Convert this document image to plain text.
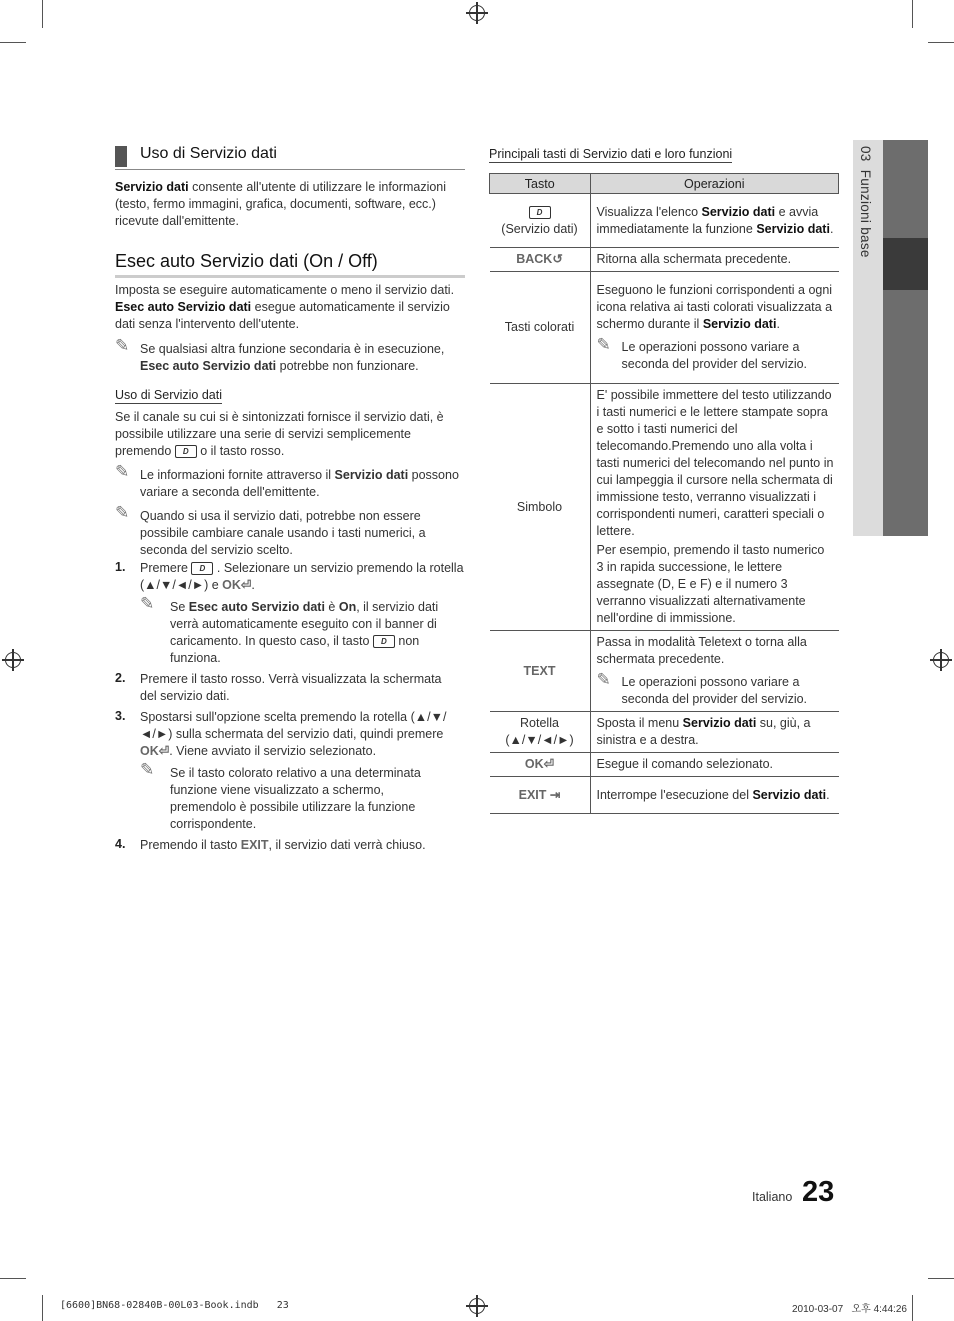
03  Funzioni base
Uso di Servizio dati
Servizio dati consente all'utente di utilizzare le informazioni (testo, fermo immagini, grafica, documenti, software, ecc.) ricevute dall'emittente.
Esec auto Servizio dati (On / Off)
Imposta se eseguire automaticamente o meno il servizio dati. Esec auto Servizio dati esegue automaticamente il servizio dati senza l'intervento dell'utente.
✎ Se qualsiasi altra funzione secondaria è in esecuzione, Esec auto Servizio dati potrebbe non funzionare.
Uso di Servizio dati
Se il canale su cui si è sintonizzati fornisce il servizio dati, è possibile utilizzare una serie di servizi semplicemente premendo D o il tasto rosso.
✎ Le informazioni fornite attraverso il Servizio dati possono variare a seconda dell'emittente.
✎ Quando si usa il servizio dati, potrebbe non essere possibile cambiare canale usando i tasti numerici, a seconda del servizio scelto.
1. Premere D . Selezionare un servizio premendo la rotella (▲/▼/◄/►) e OK⏎.
✎ Se Esec auto Servizio dati è On, il servizio dati verrà automaticamente eseguito con il banner di caricamento. In questo caso, il tasto D non funziona.
2. Premere il tasto rosso. Verrà visualizzata la schermata del servizio dati.
3. Spostarsi sull'opzione scelta premendo la rotella (▲/▼/◄/►) sulla schermata del servizio dati, quindi premere OK⏎. Viene avviato il servizio selezionato.
✎ Se il tasto colorato relativo a una determinata funzione viene visualizzato a schermo, premendolo è possibile utilizzare la funzione corrispondente.
4. Premendo il tasto EXIT, il servizio dati verrà chiuso.
Principali tasti di Servizio dati e loro funzioni
Tasto	Operazioni
D
(Servizio dati)	Visualizza l'elenco Servizio dati e avvia immediatamente la funzione Servizio dati.
BACK↺	Ritorna alla schermata precedente.
Tasti colorati	Eseguono le funzioni corrispondenti a ogni icona relativa ai tasti colorati visualizzata a schermo durante il Servizio dati.
✎ Le operazioni possono variare a seconda del provider del servizio.

Simbolo	E' possibile immettere del testo utilizzando i tasti numerici e le lettere stampate sopra e sotto i tasti numerici del telecomando.Premendo uno alla volta i tasti numerici del telecomando nel punto in cui lampeggia il cursore nella schermata di immissione testo, verranno visualizzati i corrispondenti numeri, caratteri speciali o lettere.
Per esempio, premendo il tasto numerico 3 in rapida successione, le lettere assegnate (D, E e F) e il numero 3 verranno visualizzati alternativamente nell'ordine di immissione.

TEXT	Passa in modalità Teletext o torna alla schermata precedente.
✎ Le operazioni possono variare a seconda del provider del servizio.

Rotella
(▲/▼/◄/►)	Sposta il menu Servizio dati su, giù, a sinistra e a destra.
OK⏎	Esegue il comando selezionato.
EXIT ⇥	Interrompe l'esecuzione del Servizio dati.
Italiano 23
[6600]BN68-02840B-00L03-Book.indb   23	2010-03-07   오후 4:44:26
